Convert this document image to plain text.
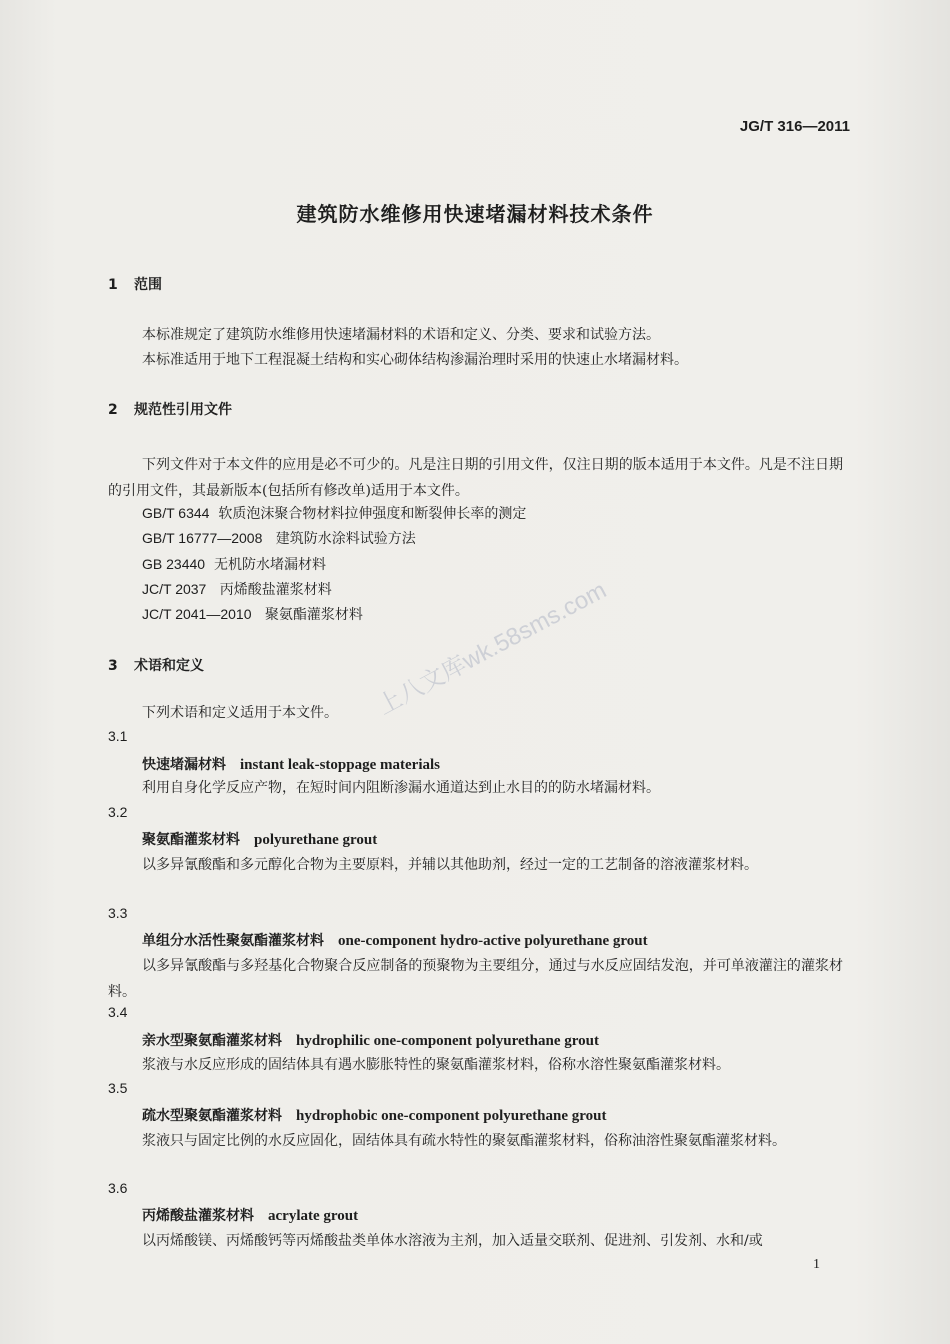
JG/T 316—2011
建筑防水维修用快速堵漏材料技术条件
1 范围
本标准规定了建筑防水维修用快速堵漏材料的术语和定义、分类、要求和试验方法。
本标准适用于地下工程混凝土结构和实心砌体结构渗漏治理时采用的快速止水堵漏材料。
2 规范性引用文件
下列文件对于本文件的应用是必不可少的。凡是注日期的引用文件，仅注日期的版本适用于本文件。凡是不注日期的引用文件，其最新版本(包括所有修改单)适用于本文件。
GB/T 6344 软质泡沫聚合物材料拉伸强度和断裂伸长率的测定
GB/T 16777—2008 建筑防水涂料试验方法
GB 23440 无机防水堵漏材料
JC/T 2037 丙烯酸盐灌浆材料
JC/T 2041—2010 聚氨酯灌浆材料
3 术语和定义
下列术语和定义适用于本文件。
3.1
快速堵漏材料 instant leak-stoppage materials
利用自身化学反应产物，在短时间内阻断渗漏水通道达到止水目的的防水堵漏材料。
3.2
聚氨酯灌浆材料 polyurethane grout
以多异氰酸酯和多元醇化合物为主要原料，并辅以其他助剂，经过一定的工艺制备的溶液灌浆材料。
3.3
单组分水活性聚氨酯灌浆材料 one-component hydro-active polyurethane grout
以多异氰酸酯与多羟基化合物聚合反应制备的预聚物为主要组分，通过与水反应固结发泡，并可单液灌注的灌浆材料。
3.4
亲水型聚氨酯灌浆材料 hydrophilic one-component polyurethane grout
浆液与水反应形成的固结体具有遇水膨胀特性的聚氨酯灌浆材料，俗称水溶性聚氨酯灌浆材料。
3.5
疏水型聚氨酯灌浆材料 hydrophobic one-component polyurethane grout
浆液只与固定比例的水反应固化，固结体具有疏水特性的聚氨酯灌浆材料，俗称油溶性聚氨酯灌浆材料。
3.6
丙烯酸盐灌浆材料 acrylate grout
以丙烯酸镁、丙烯酸钙等丙烯酸盐类单体水溶液为主剂，加入适量交联剂、促进剂、引发剂、水和/或
1
上八文库wk.58sms.com
